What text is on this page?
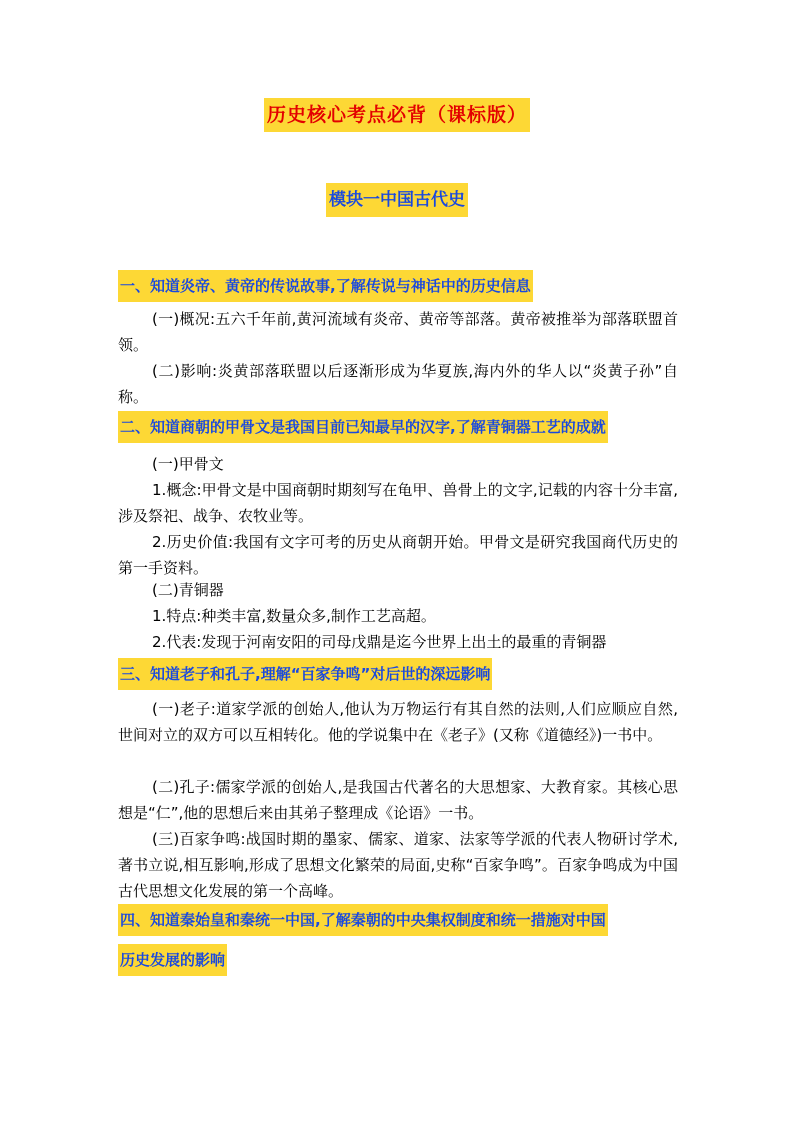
历史核心考点必背（课标版）
模块一中国古代史
一、知道炎帝、黄帝的传说故事,了解传说与神话中的历史信息

(一)概况:五六千年前,黄河流域有炎帝、黄帝等部落。黄帝被推举为部落联盟首领。

(二)影响:炎黄部落联盟以后逐渐形成为华夏族,海内外的华人以“炎黄子孙”自称。

二、知道商朝的甲骨文是我国目前已知最早的汉字,了解青铜器工艺的成就

(一)甲骨文

1.概念:甲骨文是中国商朝时期刻写在龟甲、兽骨上的文字,记载的内容十分丰富,涉及祭祀、战争、农牧业等。

2.历史价值:我国有文字可考的历史从商朝开始。甲骨文是研究我国商代历史的第一手资料。

(二)青铜器

1.特点:种类丰富,数量众多,制作工艺高超。

2.代表:发现于河南安阳的司母戊鼎是迄今世界上出土的最重的青铜器

三、知道老子和孔子,理解“百家争鸣”对后世的深远影响

(一)老子:道家学派的创始人,他认为万物运行有其自然的法则,人们应顺应自然,世间对立的双方可以互相转化。他的学说集中在《老子》(又称《道德经》)一书中。

(二)孔子:儒家学派的创始人,是我国古代著名的大思想家、大教育家。其核心思想是“仁”,他的思想后来由其弟子整理成《论语》一书。

(三)百家争鸣:战国时期的墨家、儒家、道家、法家等学派的代表人物研讨学术,著书立说,相互影响,形成了思想文化繁荣的局面,史称“百家争鸣”。百家争鸣成为中国古代思想文化发展的第一个高峰。

四、知道秦始皇和秦统一中国,了解秦朝的中央集权制度和统一措施对中国
历史发展的影响
